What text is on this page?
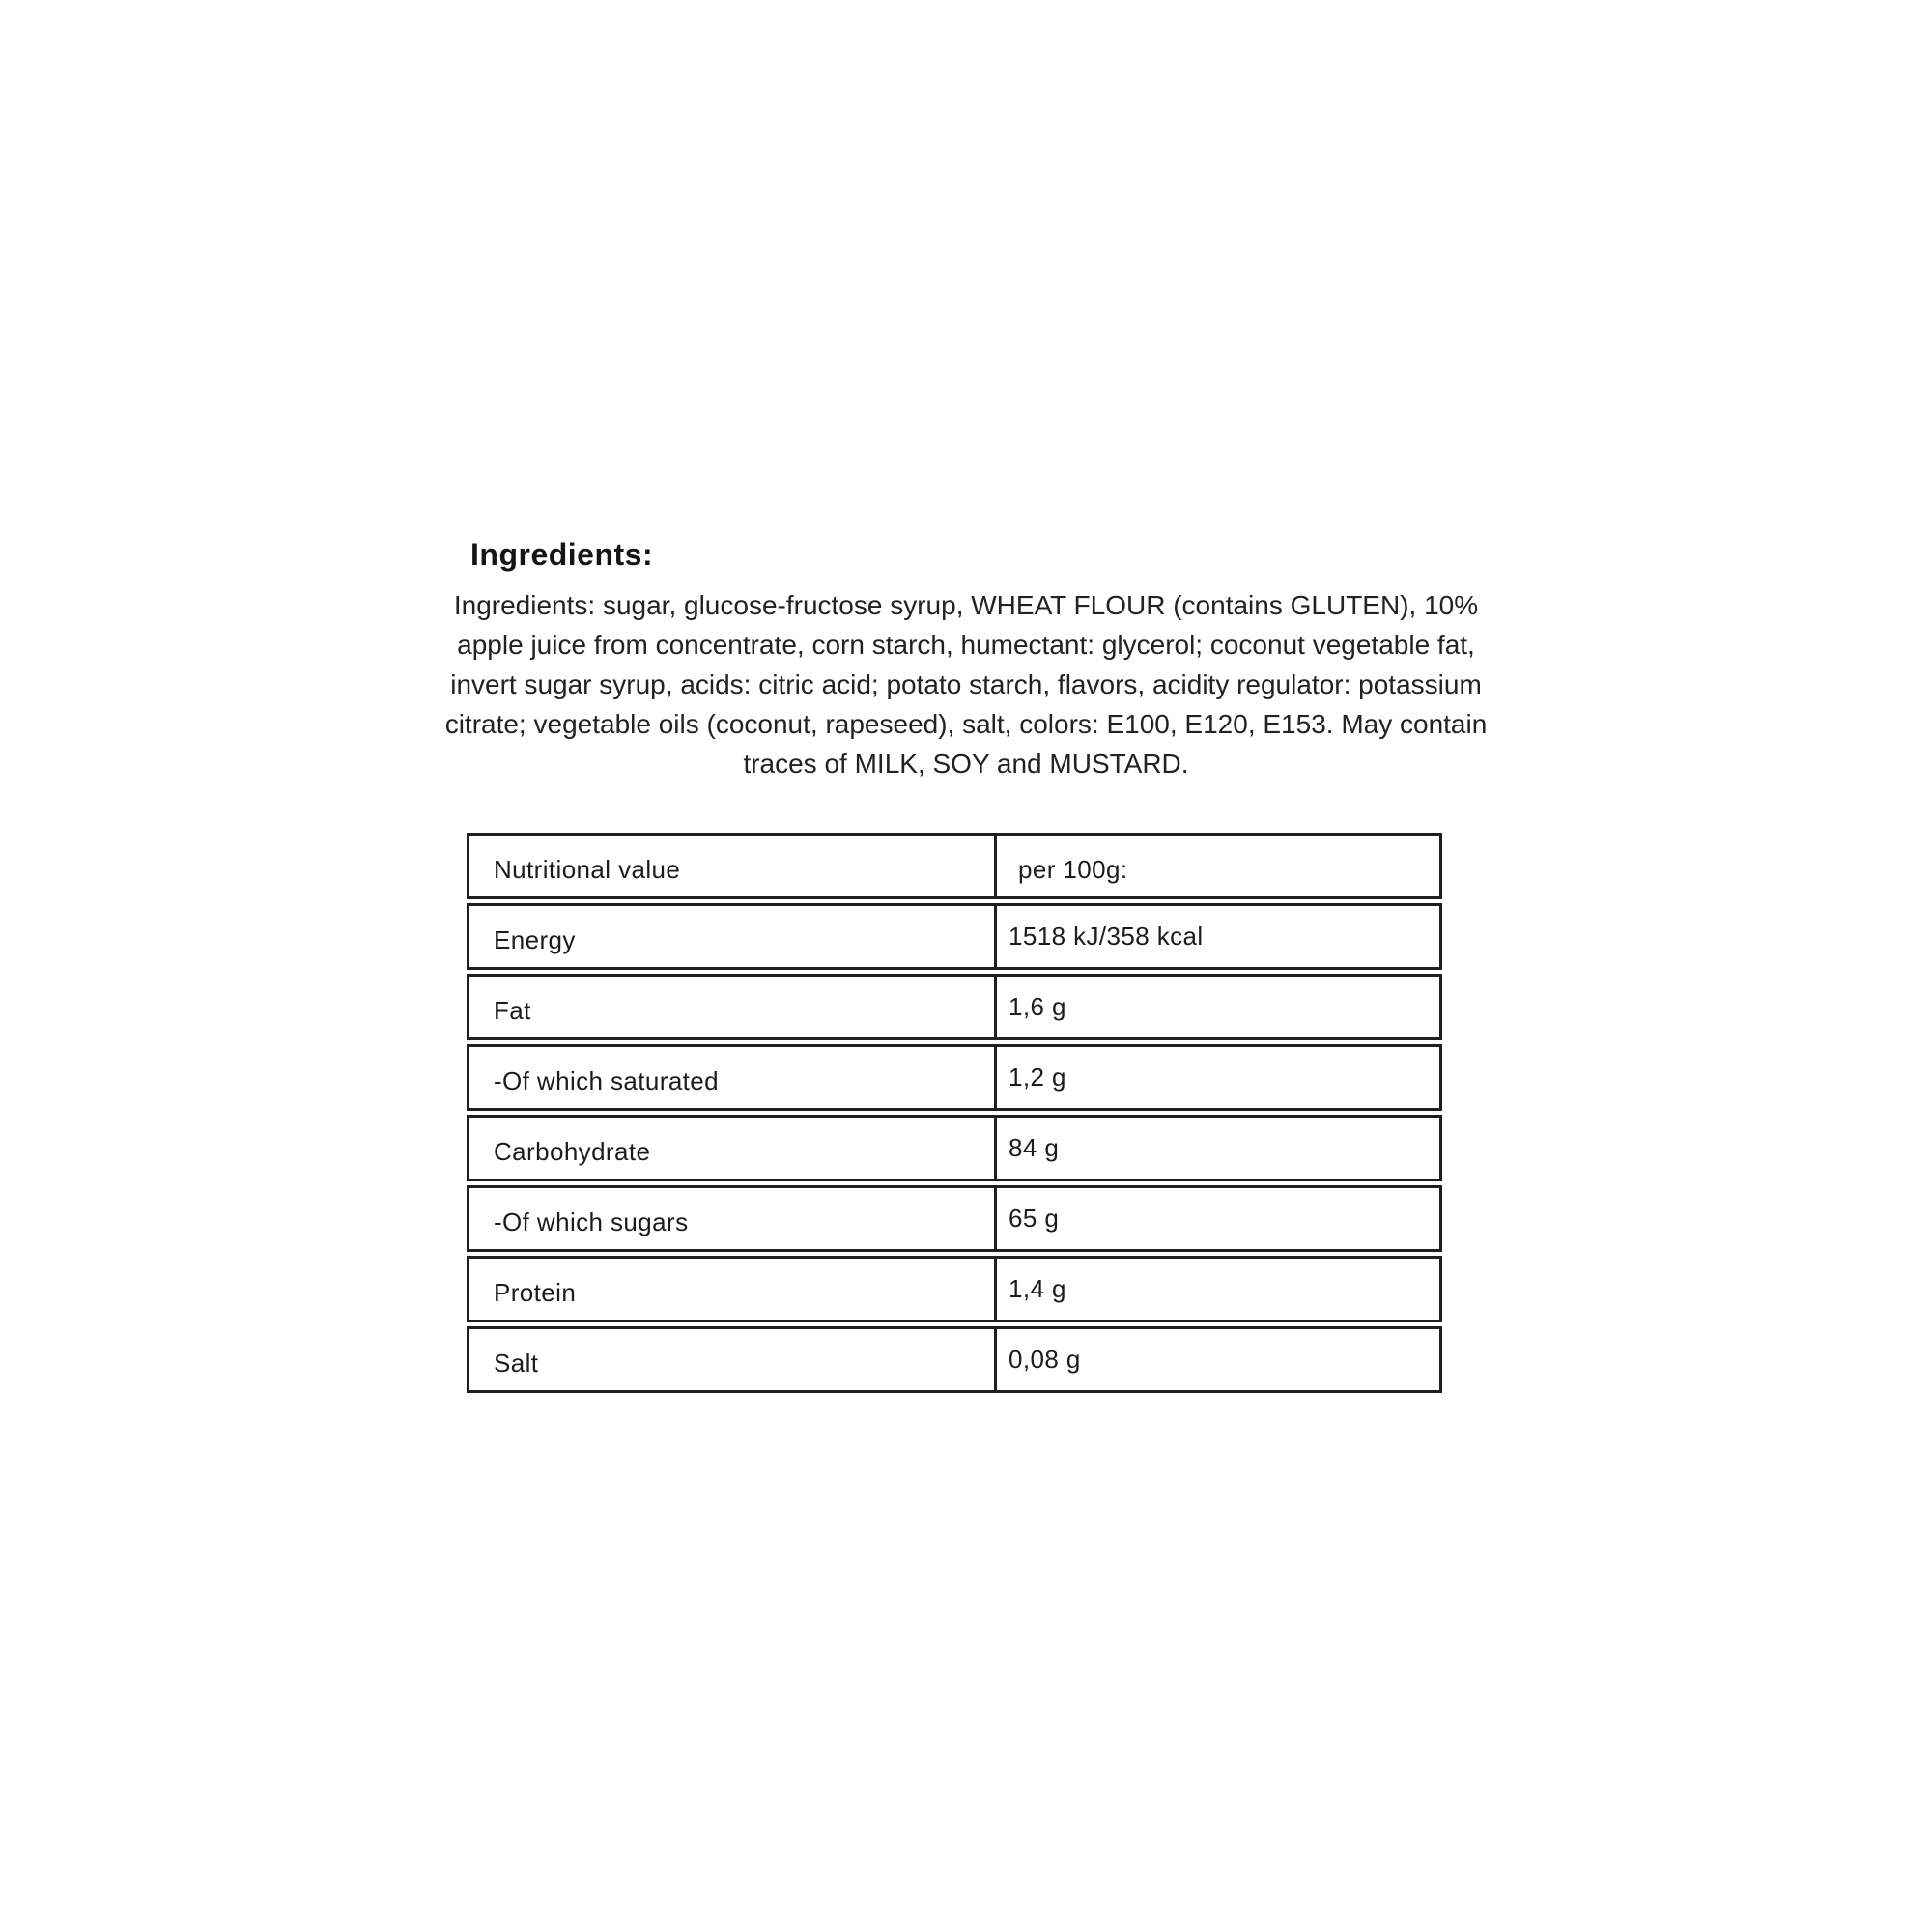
Ingredients:
Ingredients: sugar, glucose-fructose syrup, WHEAT FLOUR (contains GLUTEN), 10% apple juice from concentrate, corn starch, humectant: glycerol; coconut vegetable fat, invert sugar syrup, acids: citric acid; potato starch, flavors, acidity regulator: potassium citrate; vegetable oils (coconut, rapeseed), salt, colors: E100, E120, E153. May contain traces of MILK, SOY and MUSTARD.
Nutritional value	per 100g:
Energy	1518 kJ/358 kcal
Fat	1,6 g
-Of which saturated	1,2 g
Carbohydrate	84 g
-Of which sugars	65 g
Protein	1,4 g
Salt	0,08 g
